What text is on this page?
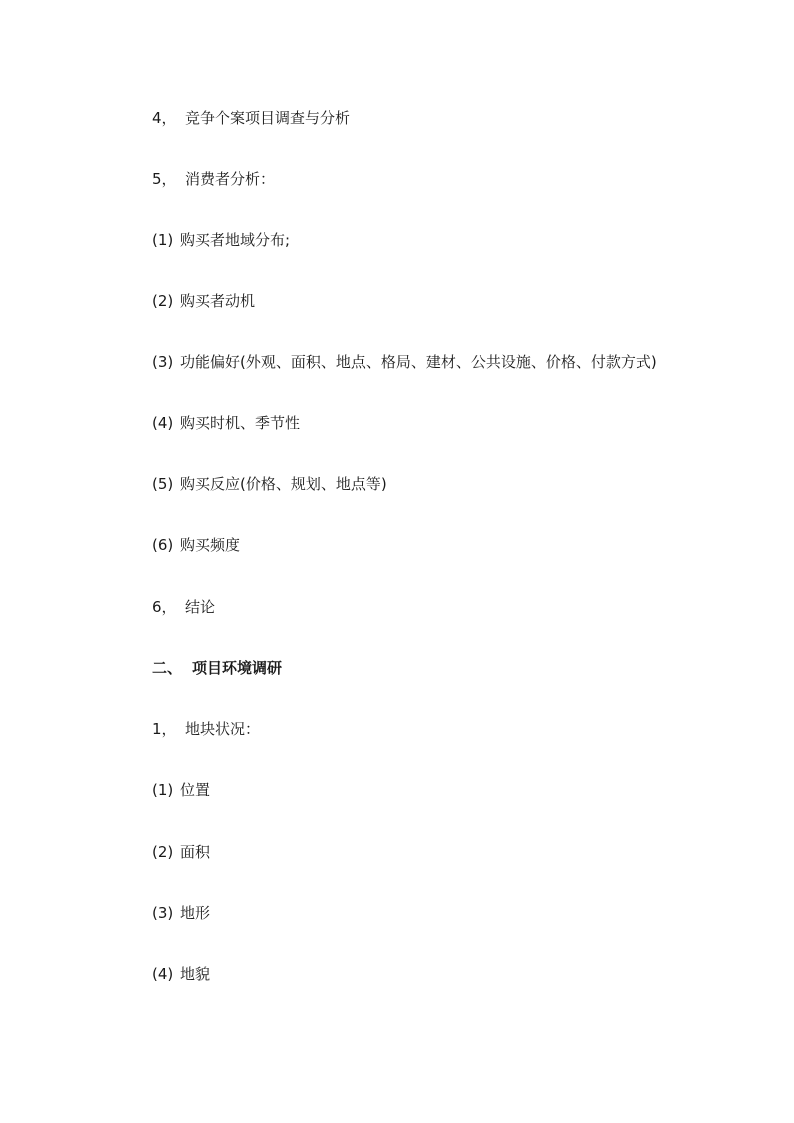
4， 竞争个案项目调查与分析
5， 消费者分析：
(1) 购买者地域分布;
(2) 购买者动机
(3) 功能偏好(外观、面积、地点、格局、建材、公共设施、价格、付款方式)
(4) 购买时机、季节性
(5) 购买反应(价格、规划、地点等)
(6) 购买频度
6， 结论
二、 项目环境调研
1， 地块状况：
(1) 位置
(2) 面积
(3) 地形
(4) 地貌
